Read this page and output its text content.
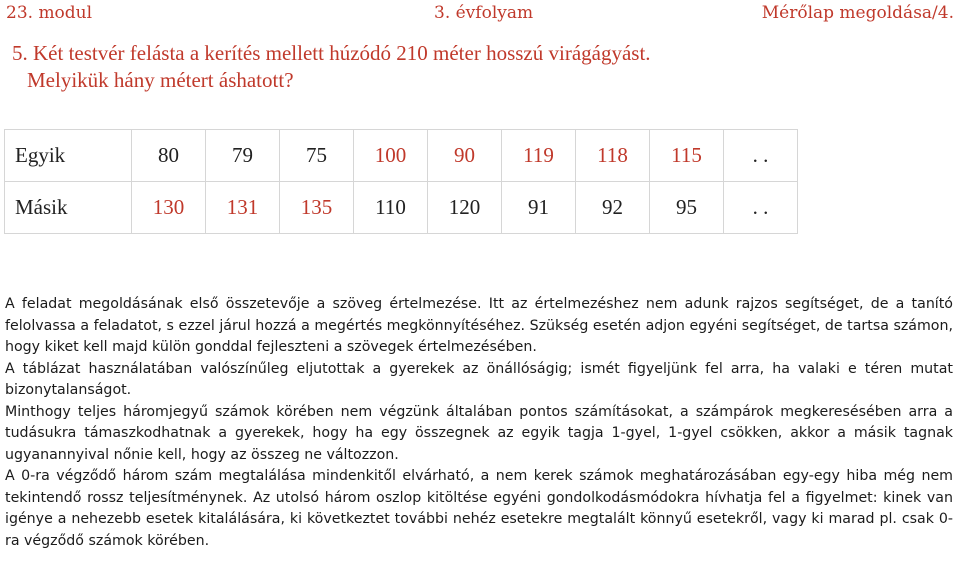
23. modul	3. évfolyam	Mérőlap megoldása/4.
5. Két testvér felásta a kerítés mellett húzódó 210 méter hosszú virágágyást.
Melyikük hány métert áshatott?
Egyik	80	79	75	100	90	119	118	115	. .
Másik	130	131	135	110	120	91	92	95	. .

A feladat megoldásának első összetevője a szöveg értelmezése. Itt az értelmezéshez nem adunk rajzos segítséget, de a tanító felolvassa a feladatot, s ezzel járul hozzá a megértés megkönnyítéséhez. Szükség esetén adjon egyéni segítséget, de tartsa számon, hogy kiket kell majd külön gonddal fejleszteni a szövegek értelmezésében.

A táblázat használatában valószínűleg eljutottak a gyerekek az önállóságig; ismét figyeljünk fel arra, ha valaki e téren mutat bizonytalanságot.

Minthogy teljes háromjegyű számok körében nem végzünk általában pontos számításokat, a számpárok megkeresésében arra a tudásukra támaszkodhatnak a gyerekek, hogy ha egy összegnek az egyik tagja 1-gyel, 1-gyel csökken, akkor a másik tagnak ugyanannyival nőnie kell, hogy az összeg ne változzon.

A 0-ra végződő három szám megtalálása mindenkitől elvárható, a nem kerek számok meghatározásában egy-egy hiba még nem tekintendő rossz teljesítménynek. Az utolsó három oszlop kitöltése egyéni gondolkodásmódokra hívhatja fel a figyelmet: kinek van igénye a nehezebb esetek kitalálására, ki következtet további nehéz esetekre megtalált könnyű esetekről, vagy ki marad pl. csak 0-ra végződő számok körében.
